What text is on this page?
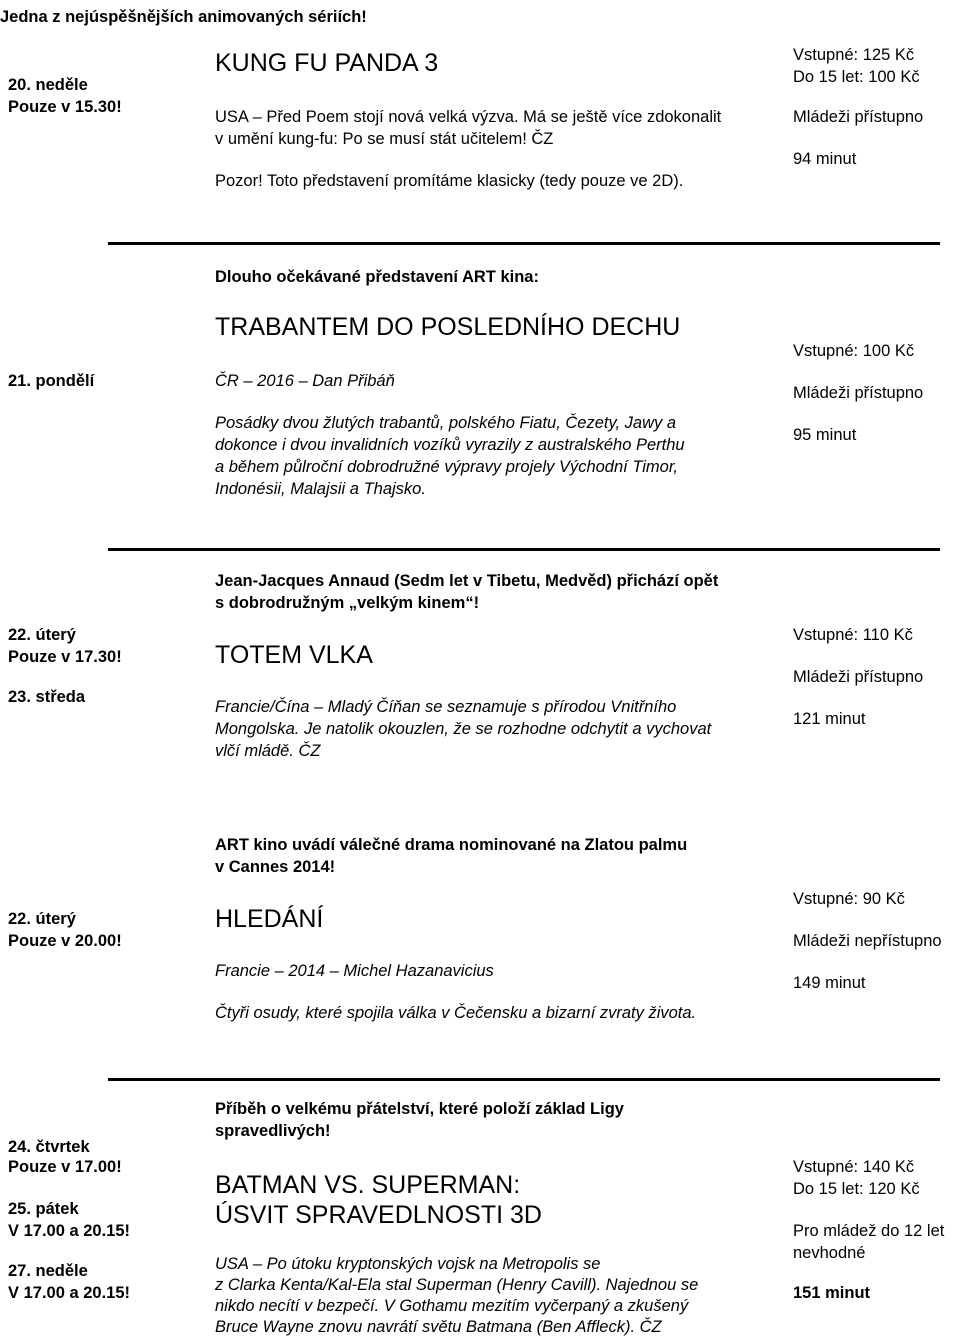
Jednа z nejúspěšnějších animovaných sériích!
20. neděle
Pouze v 15.30!
KUNG FU PANDA 3
USA – Před Poem stojí nová velká výzva. Má se ještě více zdokonalit
v umění kung-fu: Po se musí stát učitelem! ČZ
Pozor! Toto představení promítáme klasicky (tedy pouze ve 2D).
Vstupné: 125 Kč
Do 15 let: 100 Kč
Mládeži přístupno
94 minut
Dlouho očekávané představení ART kina:
TRABANTEM DO POSLEDNÍHO DECHU
21. pondělí	ČR – 2016 – Dan Přibáň
Posádky dvou žlutých trabantů, polského Fiatu, Čezety, Jawy a
dokonce i dvou invalidních vozíků vyrazily z australského Perthu
a během půlroční dobrodružné výpravy projely Východní Timor,
Indonésii, Malajsii a Thajsko.
Vstupné: 100 Kč
Mládeži přístupno
95 minut
Jean-Jacques Annaud (Sedm let v Tibetu, Medvěd) přichází opět
s dobrodružným „velkým kinem“!
22. úterý
Pouze v 17.30!
23. středa
TOTEM VLKA
Francie/Čína – Mladý Číňan se seznamuje s přírodou Vnitřního
Mongolska. Je natolik okouzlen, že se rozhodne odchytit a vychovat
vlčí mládě. ČZ
Vstupné: 110 Kč
Mládeži přístupno
121 minut
ART kino uvádí válečné drama nominované na Zlatou palmu
v Cannes 2014!
22. úterý
Pouze v 20.00!
HLEDÁNÍ
Francie – 2014 – Michel Hazanavicius
Čtyři osudy, které spojila válka v Čečensku a bizarní zvraty života.
Vstupné: 90 Kč
Mládeži nepřístupno
149 minut
Příběh o velkému přátelství, které položí základ Ligy
spravedlivých!
24. čtvrtek
Pouze v 17.00!
25. pátek
V 17.00 a 20.15!
27. neděle
V 17.00 a 20.15!
BATMAN VS. SUPERMAN:
ÚSVIT SPRAVEDLNOSTI 3D
USA – Po útoku kryptonských vojsk na Metropolis se
z Clarka Kenta/Kal-Ela stal Superman (Henry Cavill). Najednou se
nikdo necítí v bezpečí. V Gothamu mezitím vyčerpaný a zkušený
Bruce Wayne znovu navrátí světu Batmana (Ben Affleck). ČZ
Vstupné: 140 Kč
Do 15 let: 120 Kč
Pro mládež do 12 let
nevhodné
151 minut
